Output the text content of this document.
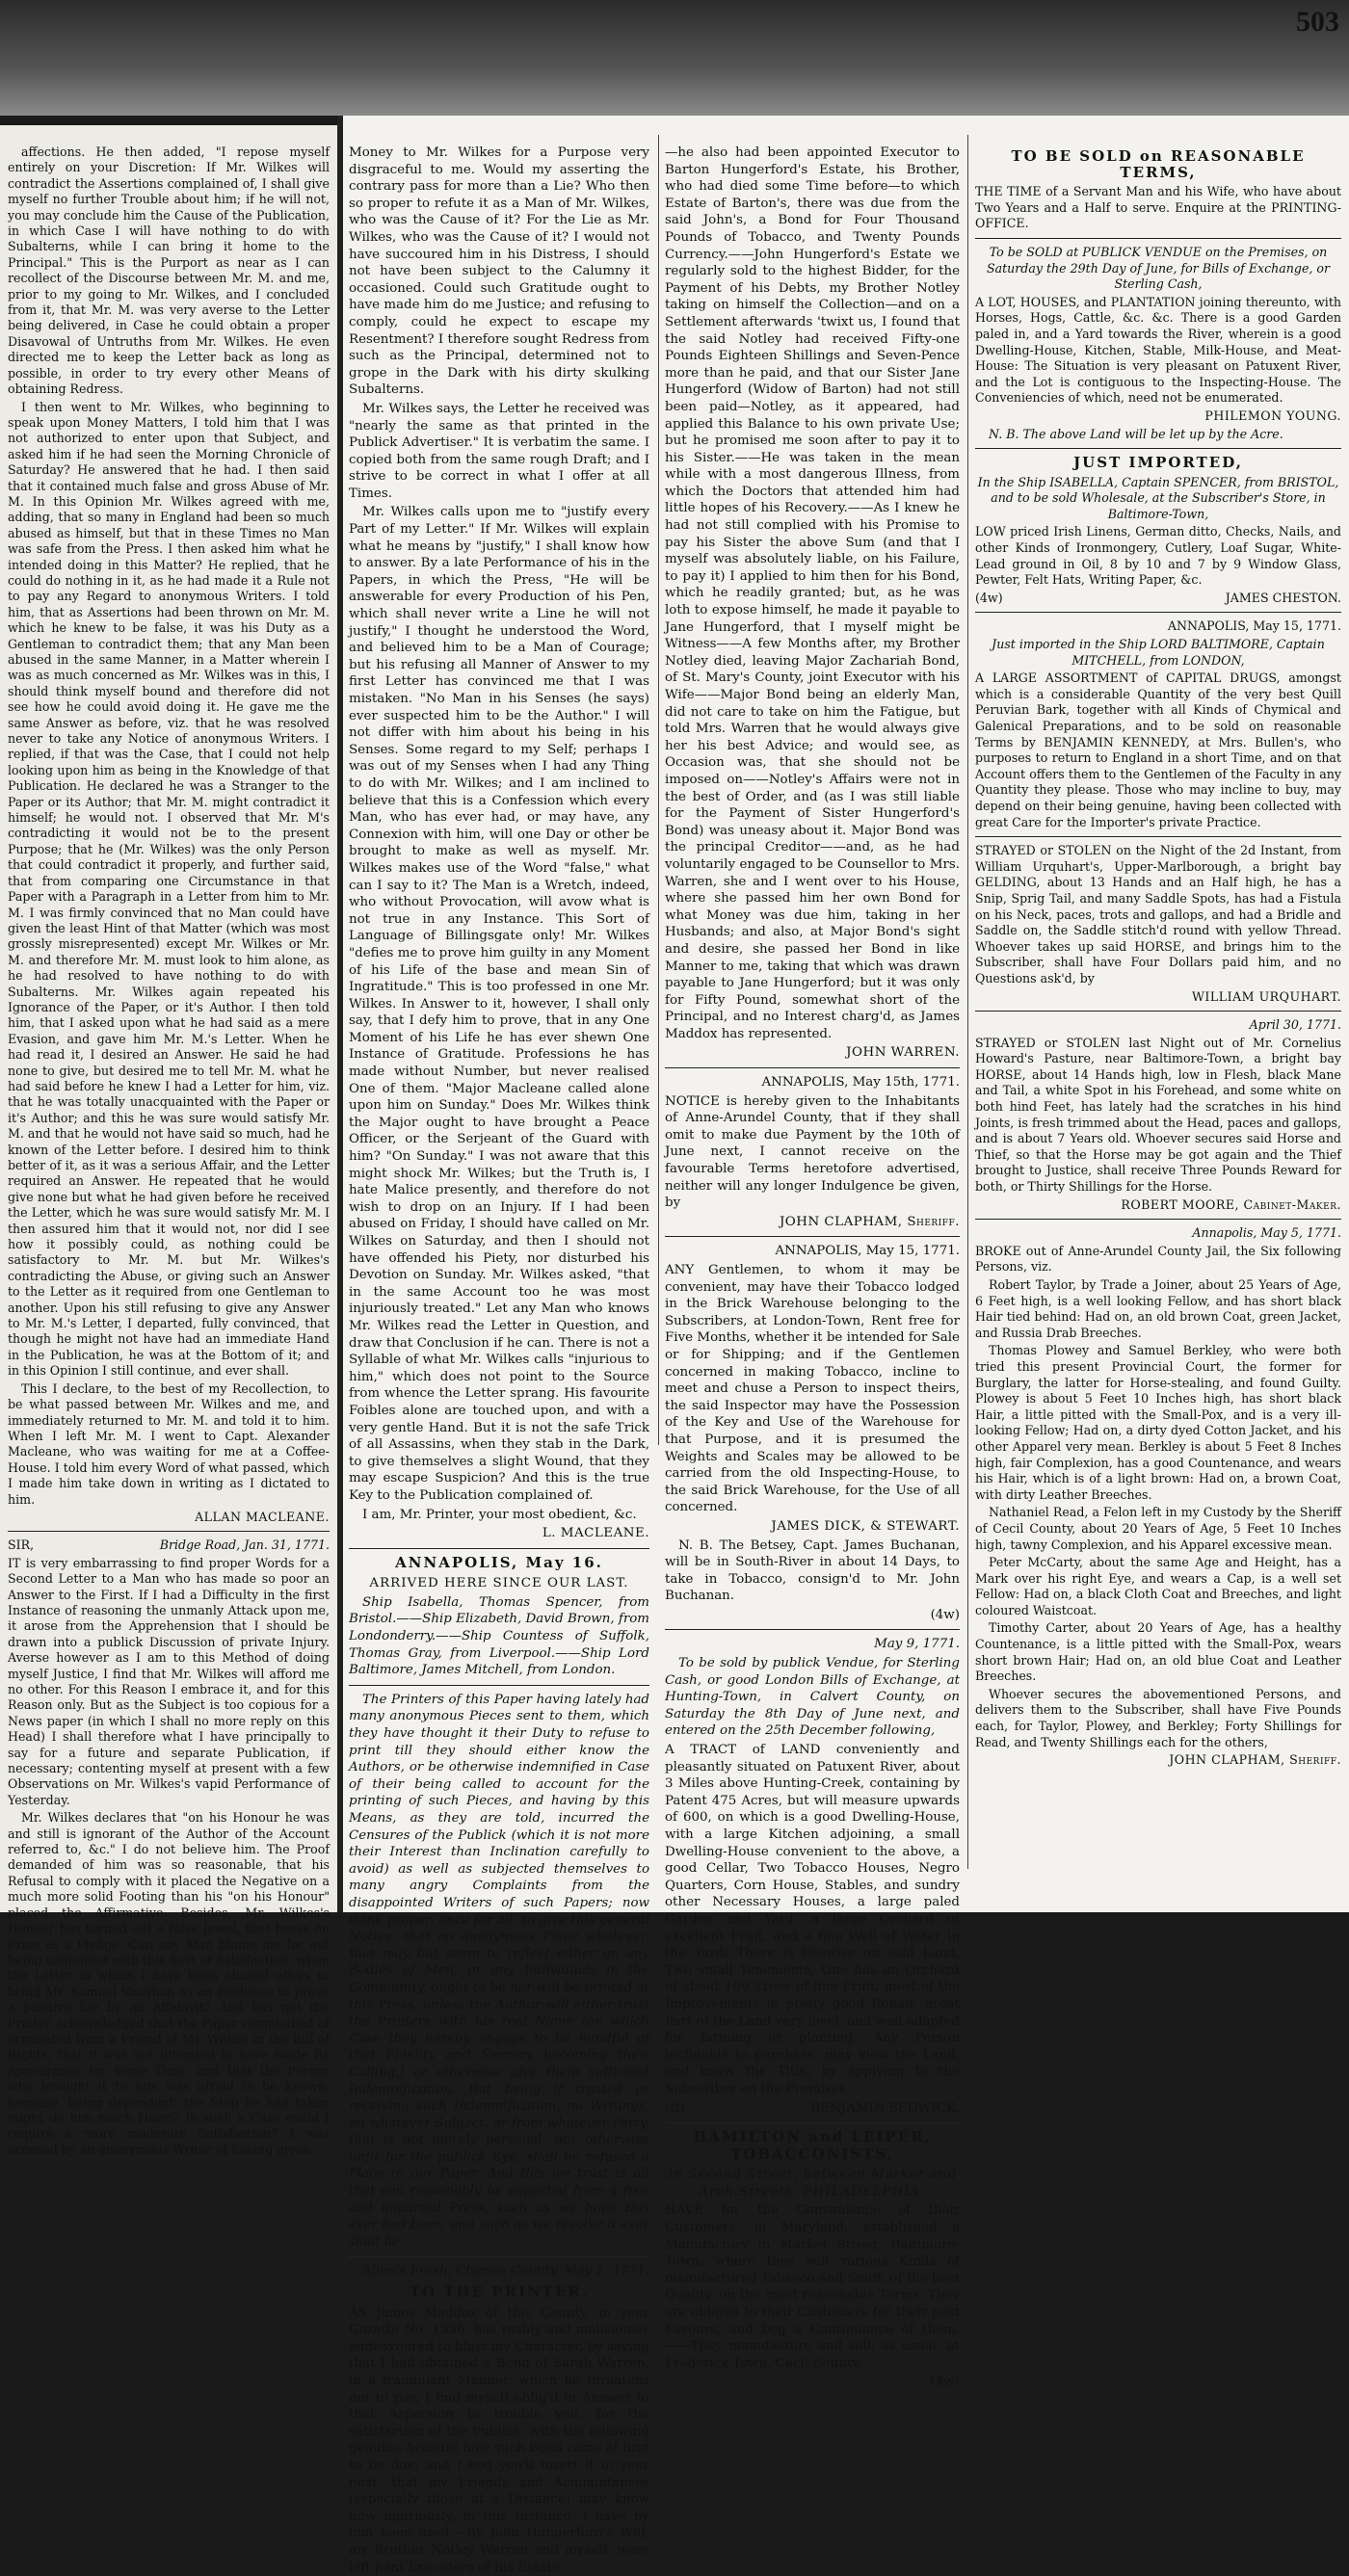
503

affections. He then added, "I repose myself entirely on your Discretion: If Mr. Wilkes will contradict the Assertions complained of, I shall give myself no further Trouble about him; if he will not, you may conclude him the Cause of the Publication, in which Case I will have nothing to do with Subalterns, while I can bring it home to the Principal." This is the Purport as near as I can recollect of the Discourse between Mr. M. and me, prior to my going to Mr. Wilkes, and I concluded from it, that Mr. M. was very averse to the Letter being delivered, in Case he could obtain a proper Disavowal of Untruths from Mr. Wilkes. He even directed me to keep the Letter back as long as possible, in order to try every other Means of obtaining Redress.

I then went to Mr. Wilkes, who beginning to speak upon Money Matters, I told him that I was not authorized to enter upon that Subject, and asked him if he had seen the Morning Chronicle of Saturday? He answered that he had. I then said that it contained much false and gross Abuse of Mr. M. In this Opinion Mr. Wilkes agreed with me, adding, that so many in England had been so much abused as himself, but that in these Times no Man was safe from the Press. I then asked him what he intended doing in this Matter? He replied, that he could do nothing in it, as he had made it a Rule not to pay any Regard to anonymous Writers. I told him, that as Assertions had been thrown on Mr. M. which he knew to be false, it was his Duty as a Gentleman to contradict them; that any Man been abused in the same Manner, in a Matter wherein I was as much concerned as Mr. Wilkes was in this, I should think myself bound and therefore did not see how he could avoid doing it. He gave me the same Answer as before, viz. that he was resolved never to take any Notice of anonymous Writers. I replied, if that was the Case, that I could not help looking upon him as being in the Knowledge of that Publication. He declared he was a Stranger to the Paper or its Author; that Mr. M. might contradict it himself; he would not. I observed that Mr. M's contradicting it would not be to the present Purpose; that he (Mr. Wilkes) was the only Person that could contradict it properly, and further said, that from comparing one Circumstance in that Paper with a Paragraph in a Letter from him to Mr. M. I was firmly convinced that no Man could have given the least Hint of that Matter (which was most grossly misrepresented) except Mr. Wilkes or Mr. M. and therefore Mr. M. must look to him alone, as he had resolved to have nothing to do with Subalterns. Mr. Wilkes again repeated his Ignorance of the Paper, or it's Author. I then told him, that I asked upon what he had said as a mere Evasion, and gave him Mr. M.'s Letter. When he had read it, I desired an Answer. He said he had none to give, but desired me to tell Mr. M. what he had said before he knew I had a Letter for him, viz. that he was totally unacquainted with the Paper or it's Author; and this he was sure would satisfy Mr. M. and that he would not have said so much, had he known of the Letter before. I desired him to think better of it, as it was a serious Affair, and the Letter required an Answer. He repeated that he would give none but what he had given before he received the Letter, which he was sure would satisfy Mr. M. I then assured him that it would not, nor did I see how it possibly could, as nothing could be satisfactory to Mr. M. but Mr. Wilkes's contradicting the Abuse, or giving such an Answer to the Letter as it required from one Gentleman to another. Upon his still refusing to give any Answer to Mr. M.'s Letter, I departed, fully convinced, that though he might not have had an immediate Hand in the Publication, he was at the Bottom of it; and in this Opinion I still continue, and ever shall.

This I declare, to the best of my Recollection, to be what passed between Mr. Wilkes and me, and immediately returned to Mr. M. and told it to him. When I left Mr. M. I went to Capt. Alexander Macleane, who was waiting for me at a Coffee-House. I told him every Word of what passed, which I made him take down in writing as I dictated to him.

ALLAN MACLEANE.

SIR,	Bridge Road, Jan. 31, 1771.

IT is very embarrassing to find proper Words for a Second Letter to a Man who has made so poor an Answer to the First. If I had a Difficulty in the first Instance of reasoning the unmanly Attack upon me, it arose from the Apprehension that I should be drawn into a publick Discussion of private Injury. Averse however as I am to this Method of doing myself Justice, I find that Mr. Wilkes will afford me no other. For this Reason I embrace it, and for this Reason only. But as the Subject is too copious for a News paper (in which I shall no more reply on this Head) I shall therefore what I have principally to say for a future and separate Publication, if necessary; contenting myself at present with a few Observations on Mr. Wilkes's vapid Performance of Yesterday.

Mr. Wilkes declares that "on his Honour he was and still is ignorant of the Author of the Account referred to, &c." I do not believe him. The Proof demanded of him was so reasonable, that his Refusal to comply with it placed the Negative on a much more solid Footing than his "on his Honour" placed the Affirmative. Besides, Mr. Wilkes's Honour has turned out a false Jewel, that bears no Price as a Pledge. Can any Man blame me for not being contented with this Sort of Satisfaction, when the Letter in which I have been abused offers to bring Mr. Samuel Vaughan as an Evidence to prove a positive Lie by an Affidavit? And has not the Printer acknowledged that the Paper complained of originated from a Friend of Mr. Wilkes in the Bill of Rights; that it was not intended to have made its Appearance for some Time; and that the Person who brought it to him was afraid to be known, because, being dependent, the Step he had taken might do him much Harm? In such a Case could I require a more moderate Satisfaction? I was accused by an anonymous Writer of having given

Money to Mr. Wilkes for a Purpose very disgraceful to me. Would my asserting the contrary pass for more than a Lie? Who then so proper to refute it as a Man of Mr. Wilkes, who was the Cause of it? For the Lie as Mr. Wilkes, who was the Cause of it? I would not have succoured him in his Distress, I should not have been subject to the Calumny it occasioned. Could such Gratitude ought to have made him do me Justice; and refusing to comply, could he expect to escape my Resentment? I therefore sought Redress from such as the Principal, determined not to grope in the Dark with his dirty skulking Subalterns.

Mr. Wilkes says, the Letter he received was "nearly the same as that printed in the Publick Advertiser." It is verbatim the same. I copied both from the same rough Draft; and I strive to be correct in what I offer at all Times.

Mr. Wilkes calls upon me to "justify every Part of my Letter." If Mr. Wilkes will explain what he means by "justify," I shall know how to answer. By a late Performance of his in the Papers, in which the Press, "He will be answerable for every Production of his Pen, which shall never write a Line he will not justify," I thought he understood the Word, and believed him to be a Man of Courage; but his refusing all Manner of Answer to my first Letter has convinced me that I was mistaken. "No Man in his Senses (he says) ever suspected him to be the Author." I will not differ with him about his being in his Senses. Some regard to my Self; perhaps I was out of my Senses when I had any Thing to do with Mr. Wilkes; and I am inclined to believe that this is a Confession which every Man, who has ever had, or may have, any Connexion with him, will one Day or other be brought to make as well as myself. Mr. Wilkes makes use of the Word "false," what can I say to it? The Man is a Wretch, indeed, who without Provocation, will avow what is not true in any Instance. This Sort of Language of Billingsgate only! Mr. Wilkes "defies me to prove him guilty in any Moment of his Life of the base and mean Sin of Ingratitude." This is too professed in one Mr. Wilkes. In Answer to it, however, I shall only say, that I defy him to prove, that in any One Moment of his Life he has ever shewn One Instance of Gratitude. Professions he has made without Number, but never realised One of them. "Major Macleane called alone upon him on Sunday." Does Mr. Wilkes think the Major ought to have brought a Peace Officer, or the Serjeant of the Guard with him? "On Sunday." I was not aware that this might shock Mr. Wilkes; but the Truth is, I hate Malice presently, and therefore do not wish to drop on an Injury. If I had been abused on Friday, I should have called on Mr. Wilkes on Saturday, and then I should not have offended his Piety, nor disturbed his Devotion on Sunday. Mr. Wilkes asked, "that in the same Account too he was most injuriously treated." Let any Man who knows Mr. Wilkes read the Letter in Question, and draw that Conclusion if he can. There is not a Syllable of what Mr. Wilkes calls "injurious to him," which does not point to the Source from whence the Letter sprang. His favourite Foibles alone are touched upon, and with a very gentle Hand. But it is not the safe Trick of all Assassins, when they stab in the Dark, to give themselves a slight Wound, that they may escape Suspicion? And this is the true Key to the Publication complained of.

I am, Mr. Printer, your most obedient, &c.

L. MACLEANE.

ANNAPOLIS, May 16.

ARRIVED HERE SINCE OUR LAST.

Ship Isabella, Thomas Spencer, from Bristol.——Ship Elizabeth, David Brown, from Londonderry.——Ship Countess of Suffolk, Thomas Gray, from Liverpool.——Ship Lord Baltimore, James Mitchell, from London.

The Printers of this Paper having lately had many anonymous Pieces sent to them, which they have thought it their Duty to refuse to print till they should either know the Authors, or be otherwise indemnified in Case of their being called to account for the printing of such Pieces, and having by this Means, as they are told, incurred the Censures of the Publick (which it is not more their Interest than Inclination carefully to avoid) as well as subjected themselves to many angry Complaints from the disappointed Writers of such Papers; now think proper, once for all, to give this general Notice, that no anonymous Piece whatever, that may but seem to reflect either on any Bodies of Men, or any Individuals in the Community, ought to be nor will be printed at this Press, unless the Author will either trust the Printers with his real Name (on which Case they hereby engage to be mindful of that Fidelity and Secrecy becoming their Calling,) or otherwise give them sufficient Indemnification. But being if trusted or receiving such Indemnification, no Writings, on whatever Subject, or from whatever Party, that is not merely personal, nor otherwise unfit for the publick Eye, shall be refused a Place in our Paper. And this we trust is all that can reasonably be expected from a free and impartial Press, such as we hope this ever had been, and such as we resolve it ever shall be.

Allen's Fresh, Charles County, May 1, 1771.

TO THE PRINTER.

AS James Maddox of this County, in your Gazette No. 1336, has rashly and maliciously endeavoured to blast my Character, by saying that I had obtained a Bond of Sarah Warren, in a fraudulent Manner, which he threatens not to pay, I find myself oblig'd in Answer to that Aspersion to trouble you, for the satisfaction of the Publick, with the following genuine Account how such Bond came at first to be due; and I beg you'll insert it in your next, that my Friends and Acquaintances (especially those at a Distance) may know how injuriously, in this Instance, I have by him been used.—By John Hungerford's Will, my Brother Notley Warren and myself, were left joint Executors of his Estate

—he also had been appointed Executor to Barton Hungerford's Estate, his Brother, who had died some Time before—to which Estate of Barton's, there was due from the said John's, a Bond for Four Thousand Pounds of Tobacco, and Twenty Pounds Currency.——John Hungerford's Estate we regularly sold to the highest Bidder, for the Payment of his Debts, my Brother Notley taking on himself the Collection—and on a Settlement afterwards 'twixt us, I found that the said Notley had received Fifty-one Pounds Eighteen Shillings and Seven-Pence more than he paid, and that our Sister Jane Hungerford (Widow of Barton) had not still been paid—Notley, as it appeared, had applied this Balance to his own private Use; but he promised me soon after to pay it to his Sister.——He was taken in the mean while with a most dangerous Illness, from which the Doctors that attended him had little hopes of his Recovery.——As I knew he had not still complied with his Promise to pay his Sister the above Sum (and that I myself was absolutely liable, on his Failure, to pay it) I applied to him then for his Bond, which he readily granted; but, as he was loth to expose himself, he made it payable to Jane Hungerford, that I myself might be Witness——A few Months after, my Brother Notley died, leaving Major Zachariah Bond, of St. Mary's County, joint Executor with his Wife——Major Bond being an elderly Man, did not care to take on him the Fatigue, but told Mrs. Warren that he would always give her his best Advice; and would see, as Occasion was, that she should not be imposed on——Notley's Affairs were not in the best of Order, and (as I was still liable for the Payment of Sister Hungerford's Bond) was uneasy about it. Major Bond was the principal Creditor——and, as he had voluntarily engaged to be Counsellor to Mrs. Warren, she and I went over to his House, where she passed him her own Bond for what Money was due him, taking in her Husbands; and also, at Major Bond's sight and desire, she passed her Bond in like Manner to me, taking that which was drawn payable to Jane Hungerford; but it was only for Fifty Pound, somewhat short of the Principal, and no Interest charg'd, as James Maddox has represented.

JOHN WARREN.

ANNAPOLIS, May 15th, 1771.

NOTICE is hereby given to the Inhabitants of Anne-Arundel County, that if they shall omit to make due Payment by the 10th of June next, I cannot receive on the favourable Terms heretofore advertised, neither will any longer Indulgence be given, by

JOHN CLAPHAM, Sheriff.

ANNAPOLIS, May 15, 1771.

ANY Gentlemen, to whom it may be convenient, may have their Tobacco lodged in the Brick Warehouse belonging to the Subscribers, at London-Town, Rent free for Five Months, whether it be intended for Sale or for Shipping; and if the Gentlemen concerned in making Tobacco, incline to meet and chuse a Person to inspect theirs, the said Inspector may have the Possession of the Key and Use of the Warehouse for that Purpose, and it is presumed the Weights and Scales may be allowed to be carried from the old Inspecting-House, to the said Brick Warehouse, for the Use of all concerned.

JAMES DICK, & STEWART.

N. B. The Betsey, Capt. James Buchanan, will be in South-River in about 14 Days, to take in Tobacco, consign'd to Mr. John Buchanan.

(4w)

May 9, 1771.

To be sold by publick Vendue, for Sterling Cash, or good London Bills of Exchange, at Hunting-Town, in Calvert County, on Saturday the 8th Day of June next, and entered on the 25th December following,

A TRACT of LAND conveniently and pleasantly situated on Patuxent River, about 3 Miles above Hunting-Creek, containing by Patent 475 Acres, but will measure upwards of 600, on which is a good Dwelling-House, with a large Kitchen adjoining, a small Dwelling-House convenient to the above, a good Cellar, Two Tobacco Houses, Negro Quarters, Corn House, Stables, and sundry other Necessary Houses, a large paled Garden and Yard, a large Orchard of excellent Fruit, and a fine Well of Water in the Yard; There is likewise on said Land, Two small Tenements, One has an Orchard of about 100 Trees of fine Fruit, most of the Improvements in pretty good Repair, great Part of the Land very level, and well adapted for farming or planting. Any Person inclinable to purchase, may view the Land, and know the Title, by applying to the Subscriber on the Premises.

(tf)	BENJAMIN SEDWICK.

HAMILTON and LEIPER, TOBACCONISTS,

In Second Street, between Market and Arch Streets, PHILADELPHIA,

HAVE for the Convenience of their Customers, in Maryland, established a Manufactory in Market Street, Baltimore-Town, where they sell various Kinds of manufactured Tobacco and Snuff, of the best Quality, on the most reasonable Terms. They are obliged to their Customers for their past Favours, and beg a Continuance of them.——They manufacture and sell, as usual, at Frederick-Town, Cecil County.

(4w)

TO BE SOLD on REASONABLE TERMS,

THE TIME of a Servant Man and his Wife, who have about Two Years and a Half to serve. Enquire at the PRINTING-OFFICE.

To be SOLD at PUBLICK VENDUE on the Premises, on Saturday the 29th Day of June, for Bills of Exchange, or Sterling Cash,

A LOT, HOUSES, and PLANTATION joining thereunto, with Horses, Hogs, Cattle, &c. &c. There is a good Garden paled in, and a Yard towards the River, wherein is a good Dwelling-House, Kitchen, Stable, Milk-House, and Meat-House: The Situation is very pleasant on Patuxent River, and the Lot is contiguous to the Inspecting-House. The Conveniencies of which, need not be enumerated.

PHILEMON YOUNG.

N. B. The above Land will be let up by the Acre.

JUST IMPORTED,

In the Ship ISABELLA, Captain SPENCER, from BRISTOL, and to be sold Wholesale, at the Subscriber's Store, in Baltimore-Town,

LOW priced Irish Linens, German ditto, Checks, Nails, and other Kinds of Ironmongery, Cutlery, Loaf Sugar, White-Lead ground in Oil, 8 by 10 and 7 by 9 Window Glass, Pewter, Felt Hats, Writing Paper, &c.

(4w)	JAMES CHESTON.

ANNAPOLIS, May 15, 1771.

Just imported in the Ship LORD BALTIMORE, Captain MITCHELL, from LONDON,

A LARGE ASSORTMENT of CAPITAL DRUGS, amongst which is a considerable Quantity of the very best Quill Peruvian Bark, together with all Kinds of Chymical and Galenical Preparations, and to be sold on reasonable Terms by BENJAMIN KENNEDY, at Mrs. Bullen's, who purposes to return to England in a short Time, and on that Account offers them to the Gentlemen of the Faculty in any Quantity they please. Those who may incline to buy, may depend on their being genuine, having been collected with great Care for the Importer's private Practice.

STRAYED or STOLEN on the Night of the 2d Instant, from William Urquhart's, Upper-Marlborough, a bright bay GELDING, about 13 Hands and an Half high, he has a Snip, Sprig Tail, and many Saddle Spots, has had a Fistula on his Neck, paces, trots and gallops, and had a Bridle and Saddle on, the Saddle stitch'd round with yellow Thread. Whoever takes up said HORSE, and brings him to the Subscriber, shall have Four Dollars paid him, and no Questions ask'd, by

WILLIAM URQUHART.

April 30, 1771.

STRAYED or STOLEN last Night out of Mr. Cornelius Howard's Pasture, near Baltimore-Town, a bright bay HORSE, about 14 Hands high, low in Flesh, black Mane and Tail, a white Spot in his Forehead, and some white on both hind Feet, has lately had the scratches in his hind Joints, is fresh trimmed about the Head, paces and gallops, and is about 7 Years old. Whoever secures said Horse and Thief, so that the Horse may be got again and the Thief brought to Justice, shall receive Three Pounds Reward for both, or Thirty Shillings for the Horse.

ROBERT MOORE, Cabinet-Maker.

Annapolis, May 5, 1771.

BROKE out of Anne-Arundel County Jail, the Six following Persons, viz.

Robert Taylor, by Trade a Joiner, about 25 Years of Age, 6 Feet high, is a well looking Fellow, and has short black Hair tied behind: Had on, an old brown Coat, green Jacket, and Russia Drab Breeches.

Thomas Plowey and Samuel Berkley, who were both tried this present Provincial Court, the former for Burglary, the latter for Horse-stealing, and found Guilty. Plowey is about 5 Feet 10 Inches high, has short black Hair, a little pitted with the Small-Pox, and is a very ill-looking Fellow; Had on, a dirty dyed Cotton Jacket, and his other Apparel very mean. Berkley is about 5 Feet 8 Inches high, fair Complexion, has a good Countenance, and wears his Hair, which is of a light brown: Had on, a brown Coat, with dirty Leather Breeches.

Nathaniel Read, a Felon left in my Custody by the Sheriff of Cecil County, about 20 Years of Age, 5 Feet 10 Inches high, tawny Complexion, and his Apparel excessive mean.

Peter McCarty, about the same Age and Height, has a Mark over his right Eye, and wears a Cap, is a well set Fellow: Had on, a black Cloth Coat and Breeches, and light coloured Waistcoat.

Timothy Carter, about 20 Years of Age, has a healthy Countenance, is a little pitted with the Small-Pox, wears short brown Hair; Had on, an old blue Coat and Leather Breeches.

Whoever secures the abovementioned Persons, and delivers them to the Subscriber, shall have Five Pounds each, for Taylor, Plowey, and Berkley; Forty Shillings for Read, and Twenty Shillings each for the others,

JOHN CLAPHAM, Sheriff.
